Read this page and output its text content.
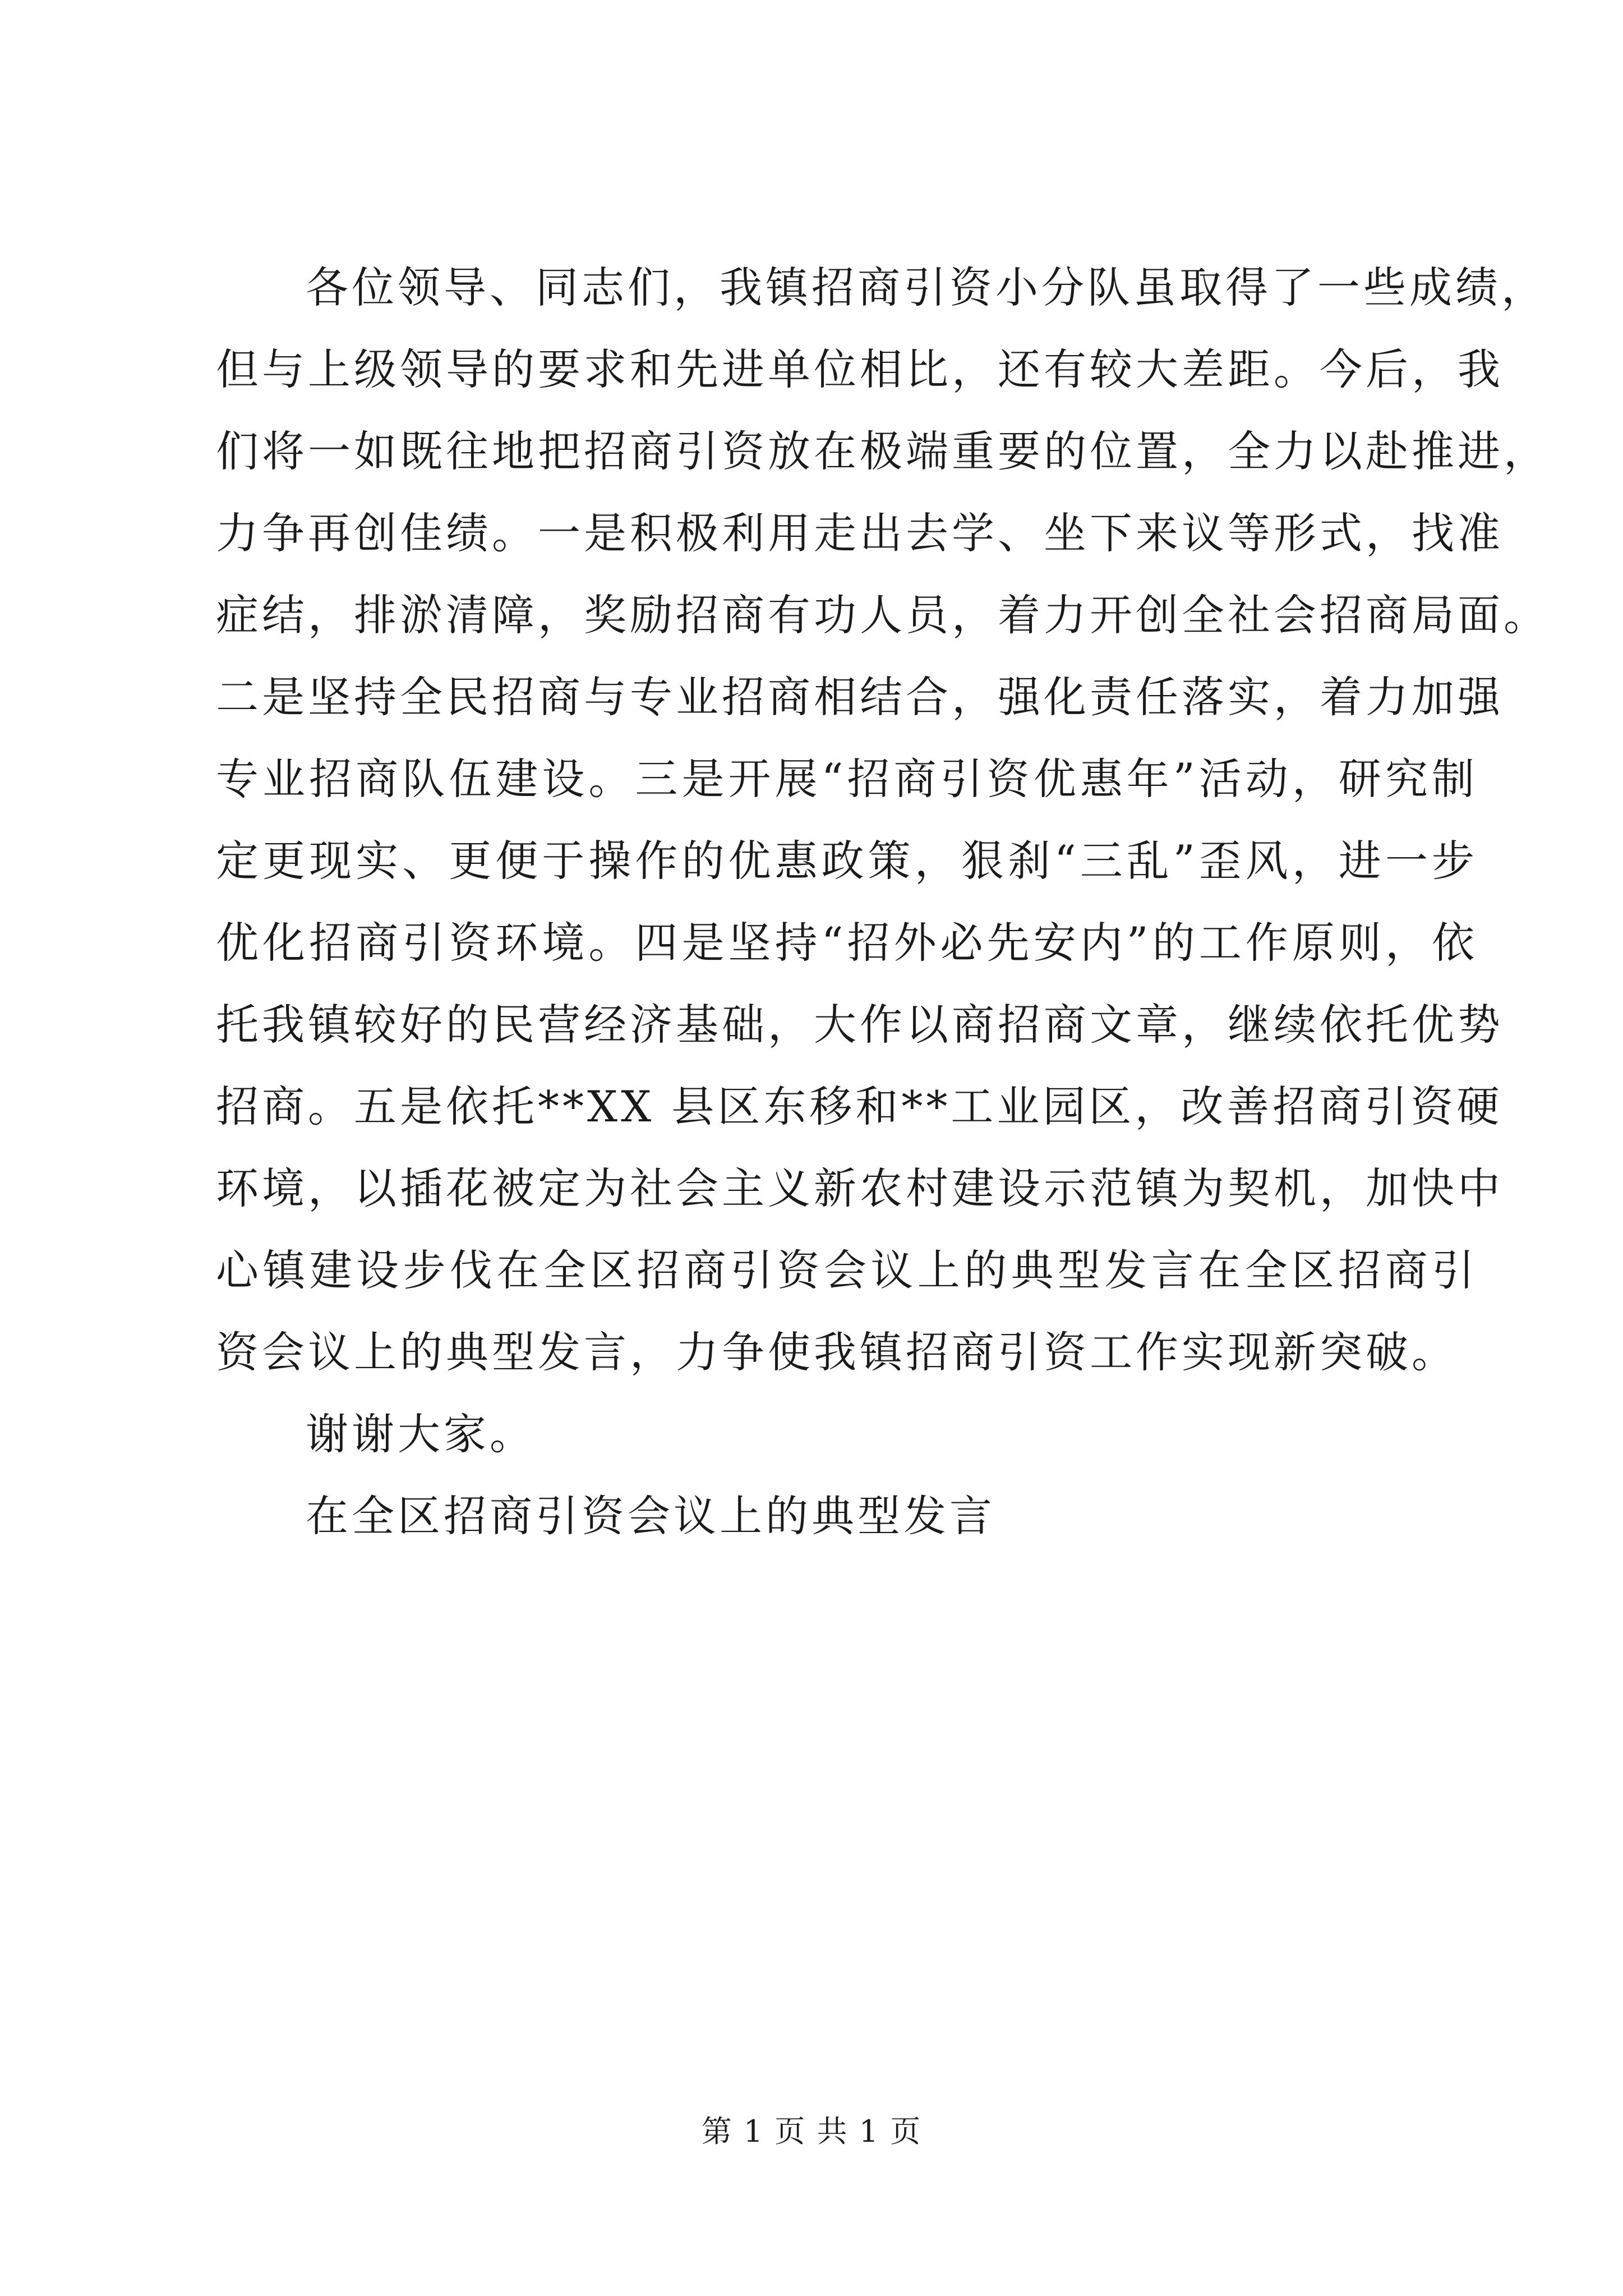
各位领导、同志们，我镇招商引资小分队虽取得了一些成绩，
但与上级领导的要求和先进单位相比，还有较大差距。今后，我
们将一如既往地把招商引资放在极端重要的位置，全力以赴推进，
力争再创佳绩。一是积极利用走出去学、坐下来议等形式，找准
症结，排淤清障，奖励招商有功人员，着力开创全社会招商局面。
二是坚持全民招商与专业招商相结合，强化责任落实，着力加强
专业招商队伍建设。三是开展“招商引资优惠年”活动，研究制
定更现实、更便于操作的优惠政策，狠刹“三乱”歪风，进一步
优化招商引资环境。四是坚持“招外必先安内”的工作原则，依
托我镇较好的民营经济基础，大作以商招商文章，继续依托优势
招商。五是依托**XX 县区东移和**工业园区，改善招商引资硬
环境，以插花被定为社会主义新农村建设示范镇为契机，加快中
心镇建设步伐在全区招商引资会议上的典型发言在全区招商引
资会议上的典型发言，力争使我镇招商引资工作实现新突破。
谢谢大家。
在全区招商引资会议上的典型发言
第 1 页 共 1 页
